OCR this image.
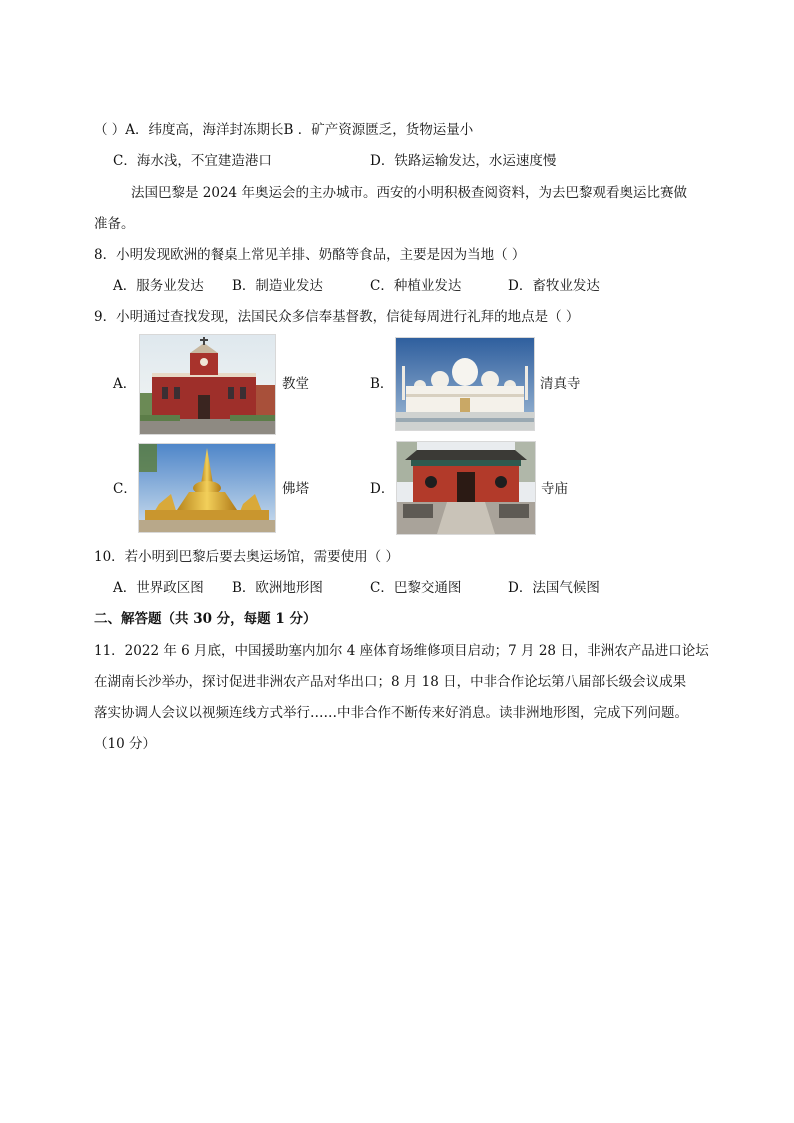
（ ）A．纬度高，海洋封冻期长B ．矿产资源匮乏，货物运量小
C．海水浅，不宜建造港口	D．铁路运输发达，水运速度慢
法国巴黎是 2024 年奥运会的主办城市。西安的小明积极查阅资料，为去巴黎观看奥运比赛做
准备。
8．小明发现欧洲的餐桌上常见羊排、奶酪等食品，主要是因为当地（ ）
A．服务业发达 B．制造业发达	C．种植业发达	D．畜牧业发达
9．小明通过查找发现，法国民众多信奉基督教，信徒每周进行礼拜的地点是（ ）
A．	教堂	B．	清真寺
C．	佛塔	D．	寺庙
10．若小明到巴黎后要去奥运场馆，需要使用（ ）
A．世界政区图 B．欧洲地形图	C．巴黎交通图	D．法国气候图
二、解答题（共 30 分，每题 1 分）
11．2022 年 6 月底，中国援助塞内加尔 4 座体育场维修项目启动；7 月 28 日，非洲农产品进口论坛
在湖南长沙举办，探讨促进非洲农产品对华出口；8 月 18 日，中非合作论坛第八届部长级会议成果
落实协调人会议以视频连线方式举行……中非合作不断传来好消息。读非洲地形图，完成下列问题。
（10 分）
